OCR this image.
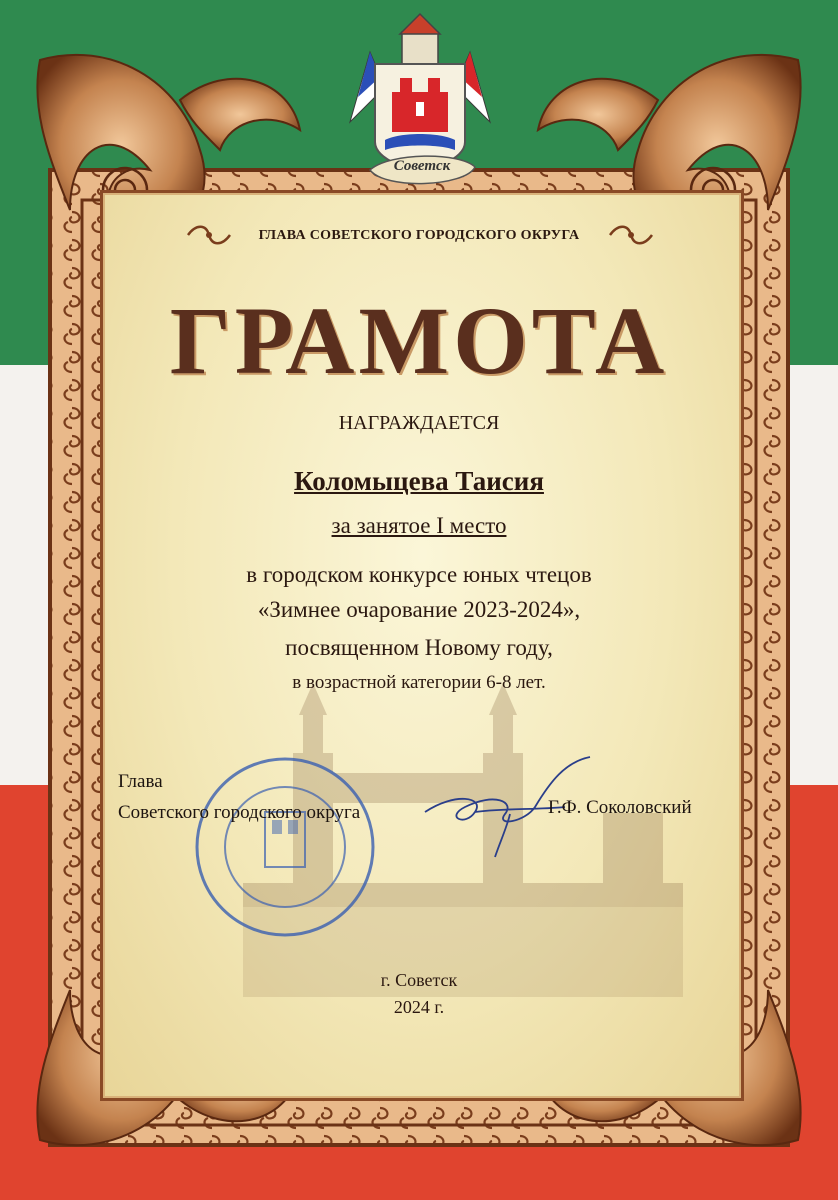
Советск
ГЛАВА СОВЕТСКОГО ГОРОДСКОГО ОКРУГА
ГРАМОТА
НАГРАЖДАЕТСЯ
Коломыцева Таисия
за занятое I место
в городском конкурсе юных чтецов
«Зимнее очарование 2023-2024»,
посвященном Новому году,
в возрастной категории 6-8 лет.
Глава
Советского городского округа	Г.Ф. Соколовский
г. Советск
2024 г.
